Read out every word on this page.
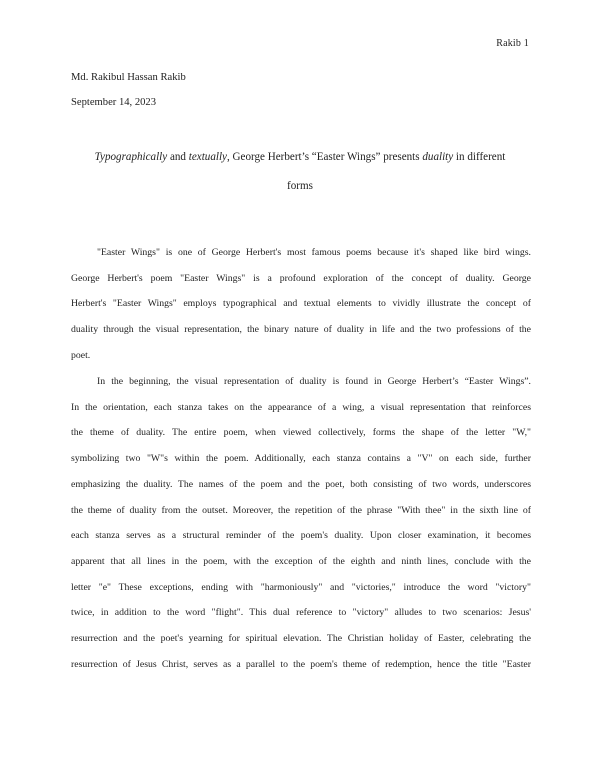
Rakib 1
Md. Rakibul Hassan Rakib
September 14, 2023
Typographically and textually, George Herbert’s “Easter Wings” presents duality in different
forms
"Easter Wings" is one of George Herbert's most famous poems because it's shaped like bird wings.
George Herbert's poem "Easter Wings" is a profound exploration of the concept of duality. George
Herbert's "Easter Wings" employs typographical and textual elements to vividly illustrate the concept of
duality through the visual representation, the binary nature of duality in life and the two professions of the
poet.
In the beginning, the visual representation of duality is found in George Herbert’s “Easter Wings”.
In the orientation, each stanza takes on the appearance of a wing, a visual representation that reinforces
the theme of duality. The entire poem, when viewed collectively, forms the shape of the letter "W,"
symbolizing two "W"s within the poem. Additionally, each stanza contains a "V" on each side, further
emphasizing the duality. The names of the poem and the poet, both consisting of two words, underscores
the theme of duality from the outset. Moreover, the repetition of the phrase "With thee" in the sixth line of
each stanza serves as a structural reminder of the poem's duality. Upon closer examination, it becomes
apparent that all lines in the poem, with the exception of the eighth and ninth lines, conclude with the
letter "e" These exceptions, ending with "harmoniously" and "victories," introduce the word "victory"
twice, in addition to the word "flight". This dual reference to "victory" alludes to two scenarios: Jesus'
resurrection and the poet's yearning for spiritual elevation. The Christian holiday of Easter, celebrating the
resurrection of Jesus Christ, serves as a parallel to the poem's theme of redemption, hence the title "Easter
